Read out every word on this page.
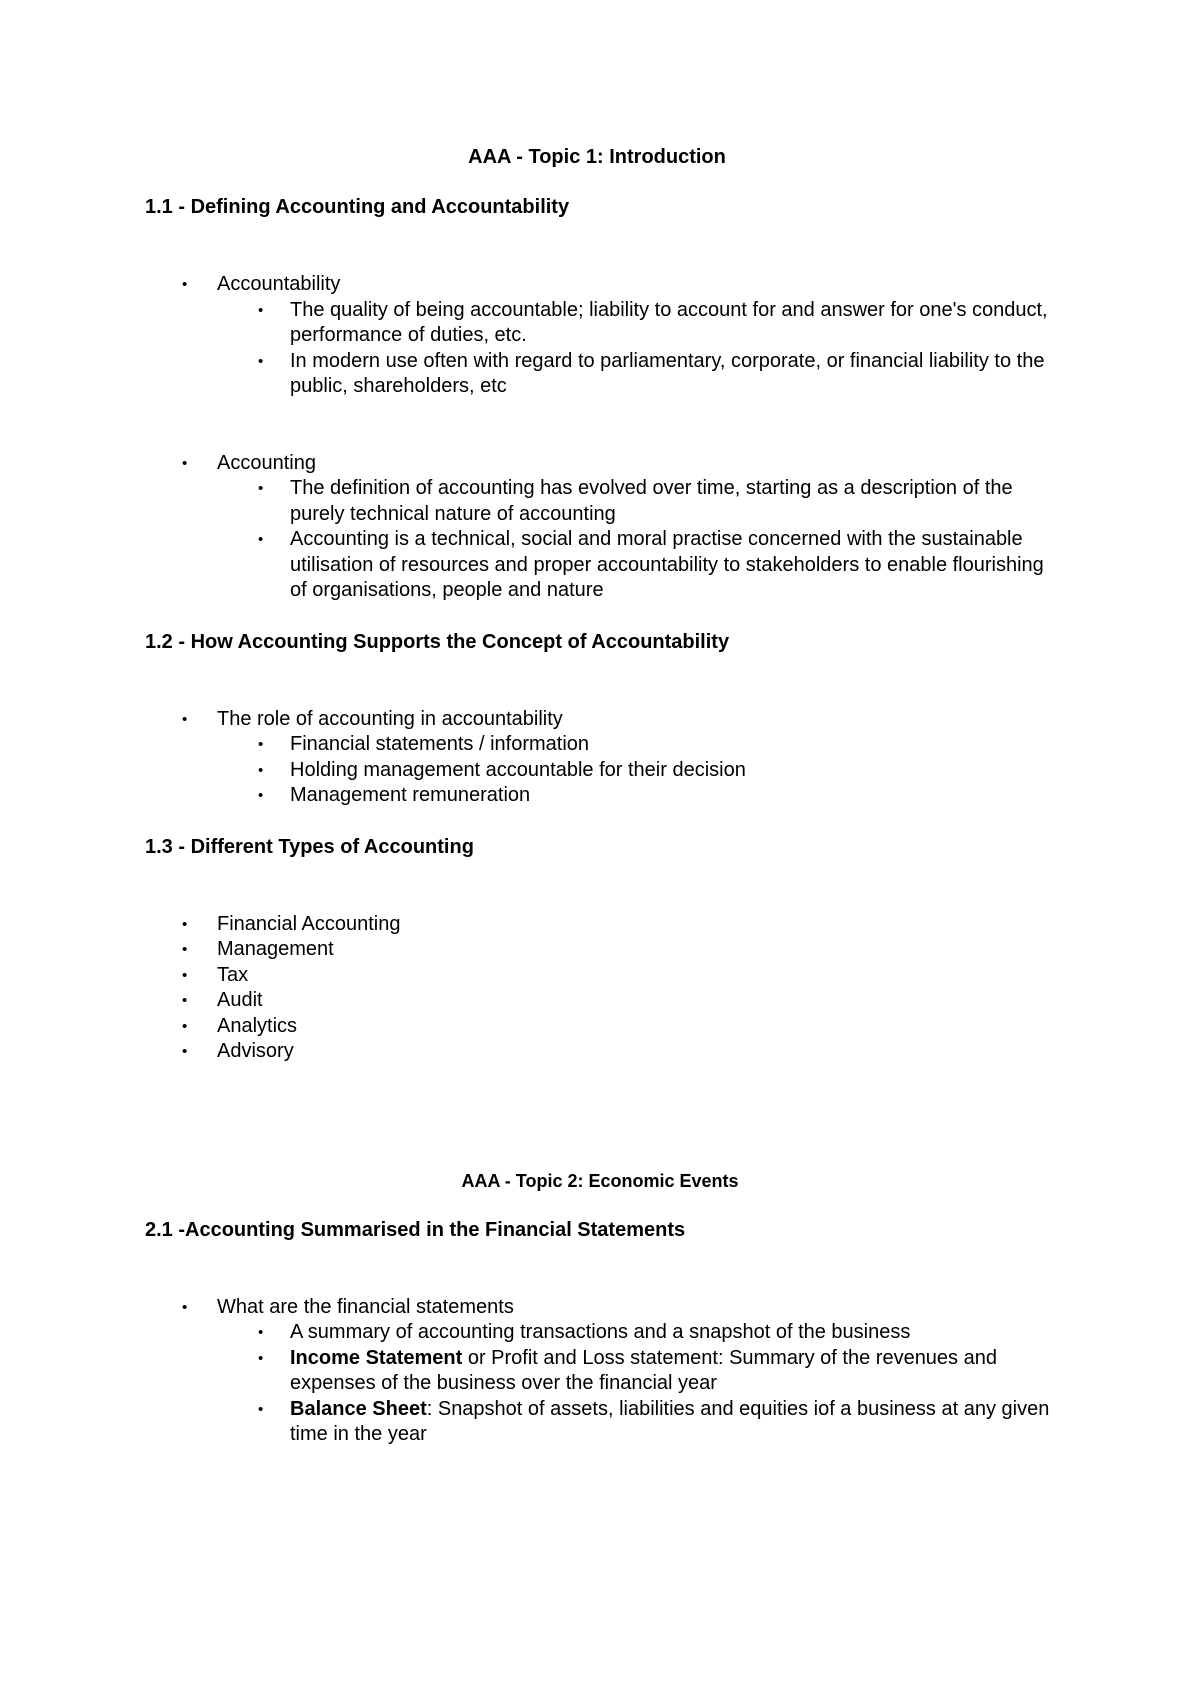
AAA - Topic 1: Introduction
1.1 - Defining Accounting and Accountability
• Accountability
• The quality of being accountable; liability to account for and answer for one's conduct, performance of duties, etc.
• In modern use often with regard to parliamentary, corporate, or financial liability to the public, shareholders, etc
• Accounting
• The definition of accounting has evolved over time, starting as a description of the purely technical nature of accounting
• Accounting is a technical, social and moral practise concerned with the sustainable utilisation of resources and proper accountability to stakeholders to enable flourishing of organisations, people and nature
1.2 - How Accounting Supports the Concept of Accountability
• The role of accounting in accountability
• Financial statements / information
• Holding management accountable for their decision
• Management remuneration
1.3 - Different Types of Accounting
• Financial Accounting
• Management
• Tax
• Audit
• Analytics
• Advisory
AAA - Topic 2: Economic Events
2.1 -Accounting Summarised in the Financial Statements
• What are the financial statements
• A summary of accounting transactions and a snapshot of the business
• Income Statement or Profit and Loss statement: Summary of the revenues and expenses of the business over the financial year
• Balance Sheet: Snapshot of assets, liabilities and equities iof a business at any given time in the year
